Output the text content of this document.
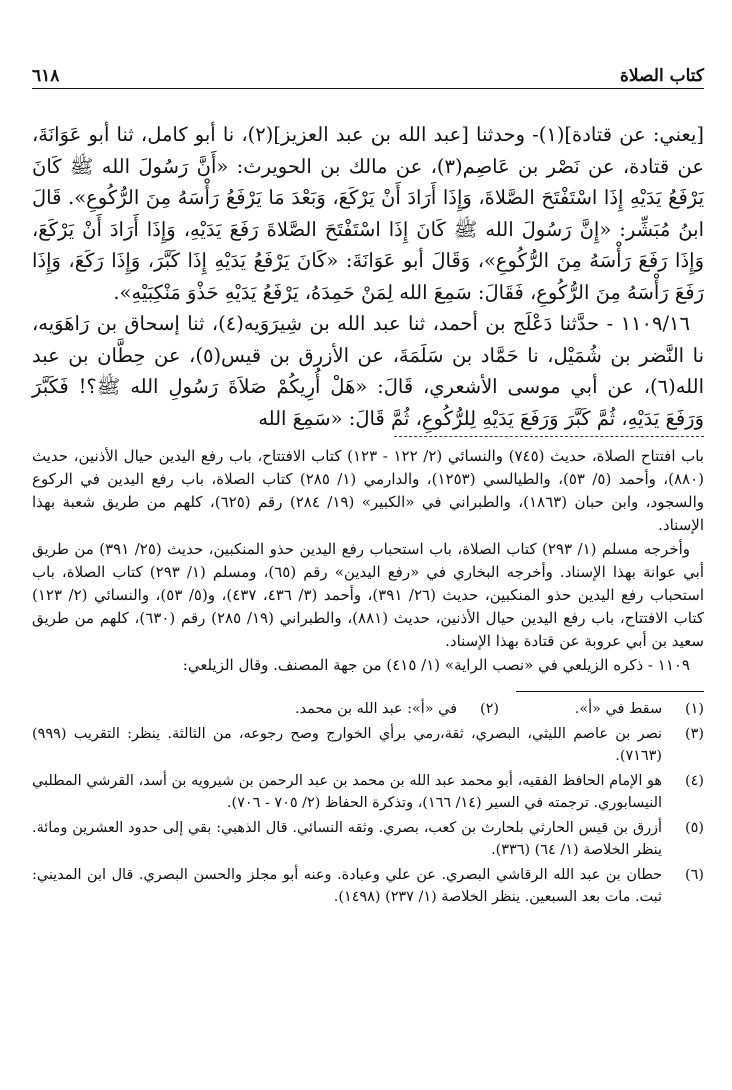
كتاب الصلاة
٦١٨

[يعني: عن قتادة](١)- وحدثنا [عبد الله بن عبد العزيز](٢)، نا أبو كامل، ثنا أبو عَوَانَةَ، عن قتادة، عن نَصْر بن عَاصِم(٣)، عن مالك بن الحويرث: «أَنَّ رَسُولَ الله ﷺ كَانَ يَرْفَعُ يَدَيْهِ إِذَا اسْتَفْتَحَ الصَّلاةَ، وَإِذَا أَرَادَ أَنْ يَرْكَعَ، وَبَعْدَ مَا يَرْفَعُ رَأْسَهُ مِنَ الرُّكُوعِ». قَالَ ابنُ مُبَشِّر: «إِنَّ رَسُولَ الله ﷺ كَانَ إِذَا اسْتَفْتَحَ الصَّلاةَ رَفَعَ يَدَيْهِ، وَإِذَا أَرَادَ أَنْ يَرْكَعَ، وَإِذَا رَفَعَ رَأْسَهُ مِنَ الرُّكُوعِ»، وَقَالَ أبو عَوَانَةَ: «كَانَ يَرْفَعُ يَدَيْهِ إِذَا كَبَّرَ، وَإِذَا رَكَعَ، وَإِذَا رَفَعَ رَأْسَهُ مِنَ الرُّكُوعِ، فَقَالَ: سَمِعَ الله لِمَنْ حَمِدَهُ، يَرْفَعُ يَدَيْهِ حَذْوَ مَنْكِبَيْهِ».

١١٠٩/١٦ - حدَّثنا دَعْلَج بن أحمد، ثنا عبد الله بن شِيرَوَيه(٤)، ثنا إسحاق بن رَاهَوَيه، نا النَّضر بن شُمَيْل، نا حَمَّاد بن سَلَمَةَ، عن الأزرق بن قيس(٥)، عن حِطَّان بن عبد الله(٦)، عن أبي موسى الأشعري، قَالَ: «هَلْ أُرِيكُمْ صَلاَةَ رَسُولِ الله ﷺ؟! فَكَبَّرَ وَرَفَعَ يَدَيْهِ، ثُمَّ كَبَّرَ وَرَفَعَ يَدَيْهِ لِلرُّكُوعِ، ثُمَّ قَالَ: «سَمِعَ الله

باب افتتاح الصلاة، حديث (٧٤٥) والنسائي (٢/ ١٢٢ - ١٢٣) كتاب الافتتاح، باب رفع اليدين حيال الأذنين، حديث (٨٨٠)، وأحمد (٥/ ٥٣)، والطيالسي (١٢٥٣)، والدارمي (١/ ٢٨٥) كتاب الصلاة، باب رفع اليدين في الركوع والسجود، وابن حبان (١٨٦٣)، والطبراني في «الكبير» (١٩/ ٢٨٤) رقم (٦٢٥)، كلهم من طريق شعبة بهذا الإسناد.

وأخرجه مسلم (١/ ٢٩٣) كتاب الصلاة، باب استحباب رفع اليدين حذو المنكبين، حديث (٢٥/ ٣٩١) من طريق أبي عوانة بهذا الإسناد. وأخرجه البخاري في «رفع اليدين» رقم (٦٥)، ومسلم (١/ ٢٩٣) كتاب الصلاة، باب استحباب رفع اليدين حذو المنكبين، حديث (٢٦/ ٣٩١)، وأحمد (٣/ ٤٣٦، ٤٣٧)، و(٥/ ٥٣)، والنسائي (٢/ ١٢٣) كتاب الافتتاح، باب رفع اليدين حيال الأذنين، حديث (٨٨١)، والطبراني (١٩/ ٢٨٥) رقم (٦٣٠)، كلهم من طريق سعيد بن أبي عروبة عن قتادة بهذا الإسناد.

١١٠٩ - ذكره الزيلعي في «نصب الراية» (١/ ٤١٥) من جهة المصنف. وقال الزيلعي:

(١)
سقط في «أ».
(٢)
في «أ»: عبد الله بن محمد.
(٣)
نصر بن عاصم الليثي، البصري، ثقة،رمي برأي الخوارج وصح رجوعه، من الثالثة. ينظر: التقريب (٩٩٩) (٧١٦٣).
(٤)
هو الإمام الحافظ الفقيه، أبو محمد عبد الله بن محمد بن عبد الرحمن بن شيرويه بن أسد، القرشي المطلبي النيسابوري. ترجمته في السير (١٤/ ١٦٦)، وتذكرة الحفاظ (٢/ ٧٠٥ - ٧٠٦).
(٥)
أزرق بن قيس الحارثي بلحارث بن كعب، بصري. وثقه النسائي. قال الذهبي: بقي إلى حدود العشرين ومائة. ينظر الخلاصة (١/ ٦٤) (٣٣٦).
(٦)
حطان بن عبد الله الرقاشي البصري. عن علي وعبادة. وعنه أبو مجلز والحسن البصري. قال ابن المديني: ثبت. مات بعد السبعين. ينظر الخلاصة (١/ ٢٣٧) (١٤٩٨).
